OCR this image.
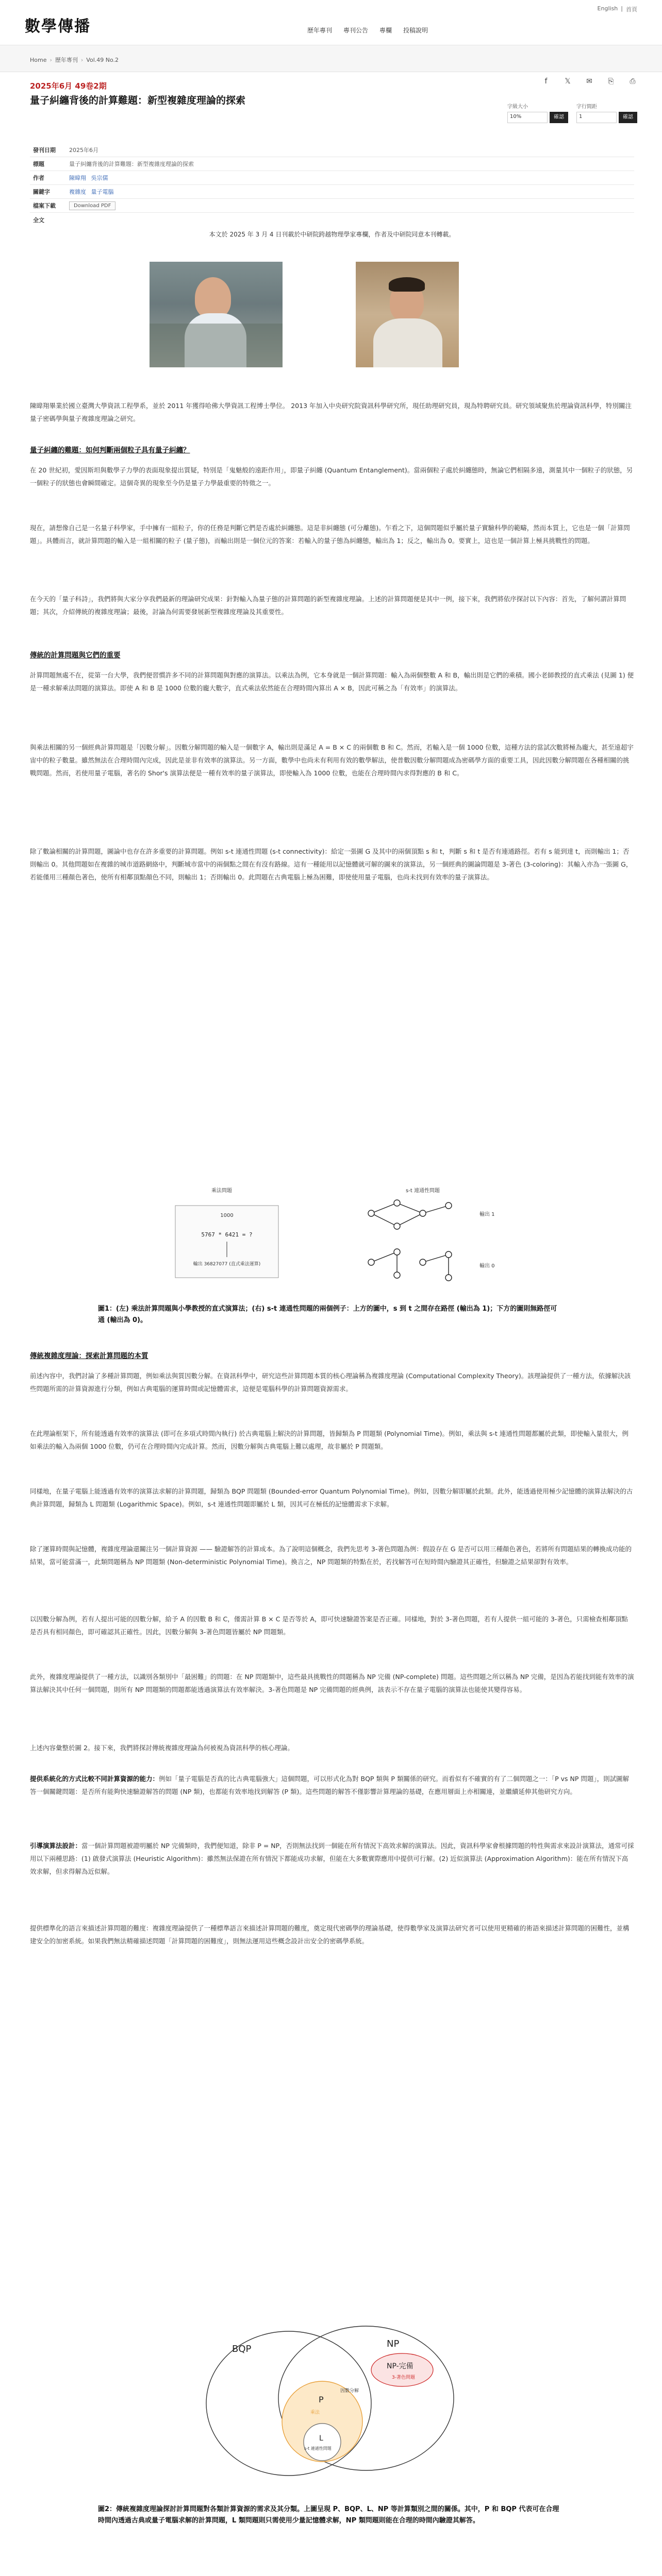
數學傳播
English | 首頁
歷年專刊 專刊公告 專欄 投稿說明
Home › 歷年專刊 › Vol.49 No.2
2025年6月 49卷2期
量子糾纏背後的計算難題：新型複雜度理論的探索
f	𝕏 ✉ ⎘ ⎙
字級大小
10%	確認
字行間距
1	確認
發刊日期	2025年6月
標題	量子糾纏背後的計算難題：新型複雜度理論的探索
作者	陳暐翔 吳宗儒
關鍵字	複雜度 量子電腦
檔案下載	Download PDF
全文
本文於 2025 年 3 月 4 日刊載於中研院跨越物理學家專欄，作者及中研院同意本刊轉載。

陳暐翔畢業於國立臺灣大學資訊工程學系，並於 2011 年獲得哈佛大學資訊工程博士學位。 2013 年加入中央研究院資訊科學研究所，現任助理研究員，現為特聘研究員。研究領域聚焦於理論資訊科學，特別關注量子密碼學與量子複雜度理論之研究。

量子糾纏的難題：如何判斷兩個粒子具有量子糾纏？

在 20 世紀初，愛因斯坦與數學子力學的表面現象提出質疑，特別是「鬼魅般的遠距作用」，即量子糾纏 (Quantum Entanglement)。當兩個粒子處於糾纏態時，無論它們相隔多遠，測量其中一個粒子的狀態，另一個粒子的狀態也會瞬間確定。這個奇異的現象至今仍是量子力學最重要的特徵之一。

現在，請想像自己是一名量子科學家，手中擁有一組粒子，你的任務是判斷它們是否處於糾纏態。這是非糾纏態 (可分離態)。乍看之下，這個問題似乎屬於量子實驗科學的範疇，然而本質上，它也是一個「計算問題」。具體而言，就計算問題的輸入是一組相關的粒子 (量子態)，而輸出則是一個位元的答案：若輸入的量子態為糾纏態，輸出為 1；反之，輸出為 0。要實上，這也是一個計算上極具挑戰性的問題。

在今天的「量子科詩」，我們將與大家分享我們最新的理論研究成果：針對輸入為量子態的計算問題的新型複雜度理論。上述的計算問題便是其中一例，接下來，我們將依序探討以下內容：首先，了解何謂計算問題；其次，介紹傳統的複雜度理論；最後，討論為何需要發展新型複雜度理論及其重要性。

傳統的計算問題與它們的重要

計算問題無處不在，從第一台大學，我們便習慣許多不同的計算問題與對應的演算法。以乘法為例，它本身就是一個計算問題：輸入為兩個整數 A 和 B，輸出則是它們的乘積。國小老師教授的直式乘法 (見圖 1) 便是一種求解乘法問題的演算法。即使 A 和 B 是 1000 位數的龐大數字，直式乘法依然能在合理時間內算出 A × B，因此可稱之為「有效率」的演算法。

與乘法相關的另一個經典計算問題是「因數分解」。因數分解問題的輸入是一個數字 A，輸出則是滿足 A = B × C 的兩個數 B 和 C。然而，若輸入是一個 1000 位數，這種方法的當試次數將極為龐大，甚至遠超宇宙中的粒子數量。雖然無法在合理時間內完成，因此是並非有效率的演算法。另一方面，數學中也尚未有利用有效的數學解法，使普數因數分解問題成為密碼學方面的重要工具，因此因數分解問題在各種相關的挑戰問題。然而，若使用量子電腦，著名的 Shor's 演算法便是一種有效率的量子演算法，即使輸入為 1000 位數，也能在合理時間內求得對應的 B 和 C。

除了數論相關的計算問題，圖論中也存在許多重要的計算問題。例如 s-t 連通性問題 (s-t connectivity)：給定一張圖 G 及其中的兩個頂點 s 和 t，判斷 s 和 t 是否有連通路徑。若有 s 能到達 t，而則輸出 1；否則輸出 0。其他問題如在複雜的城市道路網絡中，判斷城市當中的兩個點之間在有沒有路線。這有一種能用以記憶體就可解的圖來的演算法，另一個經典的圖論問題是 3-著色 (3-coloring)：其輸入亦為一張圖 G，若能僅用三種顏色著色，使所有相鄰頂點顏色不同，則輸出 1；否則輸出 0。此問題在古典電腦上極為困難，即使使用量子電腦，也尚未找到有效率的量子演算法。

乘法問題
1000
5767 * 6421 = ?
輸出 36827077 (直式乘法運算)
s-t 連通性問題
輸出 1
輸出 0
圖1：(左) 乘法計算問題與小學教授的直式演算法；(右) s-t 連通性問題的兩個例子：上方的圖中，s 到 t 之間存在路徑 (輸出為 1)；下方的圖則無路徑可通 (輸出為 0)。
傳統複雜度理論：探索計算問題的本質

前述內容中，我們討論了多種計算問題，例如乘法與質因數分解。在資訊科學中，研究這些計算問題本質的核心理論稱為複雜度理論 (Computational Complexity Theory)。該理論提供了一種方法，依據解決該些問題所需的計算資源進行分類，例如古典電腦的運算時間或記憶體需求，這便是電腦科學的計算問題資源需求。

在此理論框架下，所有能透過有效率的演算法 (即可在多項式時間內執行) 於古典電腦上解決的計算問題，皆歸類為 P 問題類 (Polynomial Time)。例如，乘法與 s-t 連通性問題都屬於此類，即使輸入量很大，例如乘法的輸入為兩個 1000 位數，仍可在合理時間內完成計算。然而，因數分解與古典電腦上難以處理，故非屬於 P 問題類。

同樣地，在量子電腦上能透過有效率的演算法求解的計算問題，歸類為 BQP 問題類 (Bounded-error Quantum Polynomial Time)。例如，因數分解即屬於此類。此外，能透過使用極少記憶體的演算法解決的古典計算問題，歸類為 L 問題類 (Logarithmic Space)。例如，s-t 連通性問題即屬於 L 類，因其可在極低的記憶體需求下求解。

除了運算時間與記憶體，複雜度理論還關注另一個計算資源 —— 驗證解答的計算成本。為了說明這個概念，我們先思考 3-著色問題為例：假設存在 G 是否可以用三種顏色著色，若將所有問題結果的轉換成功能的結果，當可能當滿一，此類問題稱為 NP 問題類 (Non-deterministic Polynomial Time)。換言之，NP 問題類的特點在於，若找解答可在短時間內驗證其正確性，但驗證之結果卻對有效率。

以因數分解為例，若有人提出可能的因數分解，給予 A 的因數 B 和 C，僅需計算 B × C 是否等於 A，即可快速驗證答案是否正確。同樣地，對於 3-著色問題，若有人提供一組可能的 3-著色，只需檢查相鄰頂點是否具有相同顏色，即可確認其正確性。因此，因數分解與 3-著色問題皆屬於 NP 問題類。

此外，複雜度理論提供了一種方法，以識別各類別中「最困難」的問題：在 NP 問題類中，這些最具挑戰性的問題稱為 NP 完備 (NP-complete) 問題。這些問題之所以稱為 NP 完備，是因為若能找到能有效率的演算法解決其中任何一個問題，則所有 NP 問題類的問題都能透過演算法有效率解決。3-著色問題是 NP 完備問題的經典例，該表示不存在量子電腦的演算法也能使其變得容易。

上述內容彙整於圖 2。接下來，我們將探討傳統複雜度理論為何被視為資訊科學的核心理論。

提供系統化的方式比較不同計算資源的能力：例如「量子電腦是否真的比古典電腦強大」這個問題，可以形式化為對 BQP 類與 P 類關係的研究。而看似有不確實的有了二個問題之一：「P vs NP 問題」，則試圖解答一個關鍵問題：是否所有能夠快速驗證解答的問題 (NP 類)，也都能有效率地找到解答 (P 類)。這些問題的解答不僅影響計算理論的基礎，在應用層面上亦相關連，並繼續延伸其他研究方向。

引導演算法設計：當一個計算問題被證明屬於 NP 完備類時，我們便知道，除非 P = NP，否則無法找到一個能在所有情況下高效求解的演算法。因此，資訊科學家會根據問題的特性與需求來設計演算法，通常可採用以下兩種思路：(1) 啟發式演算法 (Heuristic Algorithm)：雖然無法保證在所有情況下都能成功求解，但能在大多數實際應用中提供可行解。(2) 近似演算法 (Approximation Algorithm)：能在所有情況下高效求解，但求得解為近似解。

提供標準化的語言來描述計算問題的難度：複雜度理論提供了一種標準語言來描述計算問題的難度，奠定現代密碼學的理論基礎，使得數學家及演算法研究者可以使用更精確的術語來描述計算問題的困難性，並構建安全的加密系統。如果我們無法精確描述問題「計算問題的困難度」，則無法運用這些概念設計出安全的密碼學系統。

BQP	NP
NP-完備
3-著色問題
因數分解
P
乘法
L
s-t 連通性問題
圖2：傳統複雜度理論探討計算問題對各類計算資源的需求及其分類。上圖呈現 P、BQP、L、NP 等計算類別之間的關係。其中，P 和 BQP 代表可在合理時間內透過古典或量子電腦求解的計算問題，L 類問題則只需使用少量記憶體求解，NP 類問題則能在合理的時間內驗證其解答。
